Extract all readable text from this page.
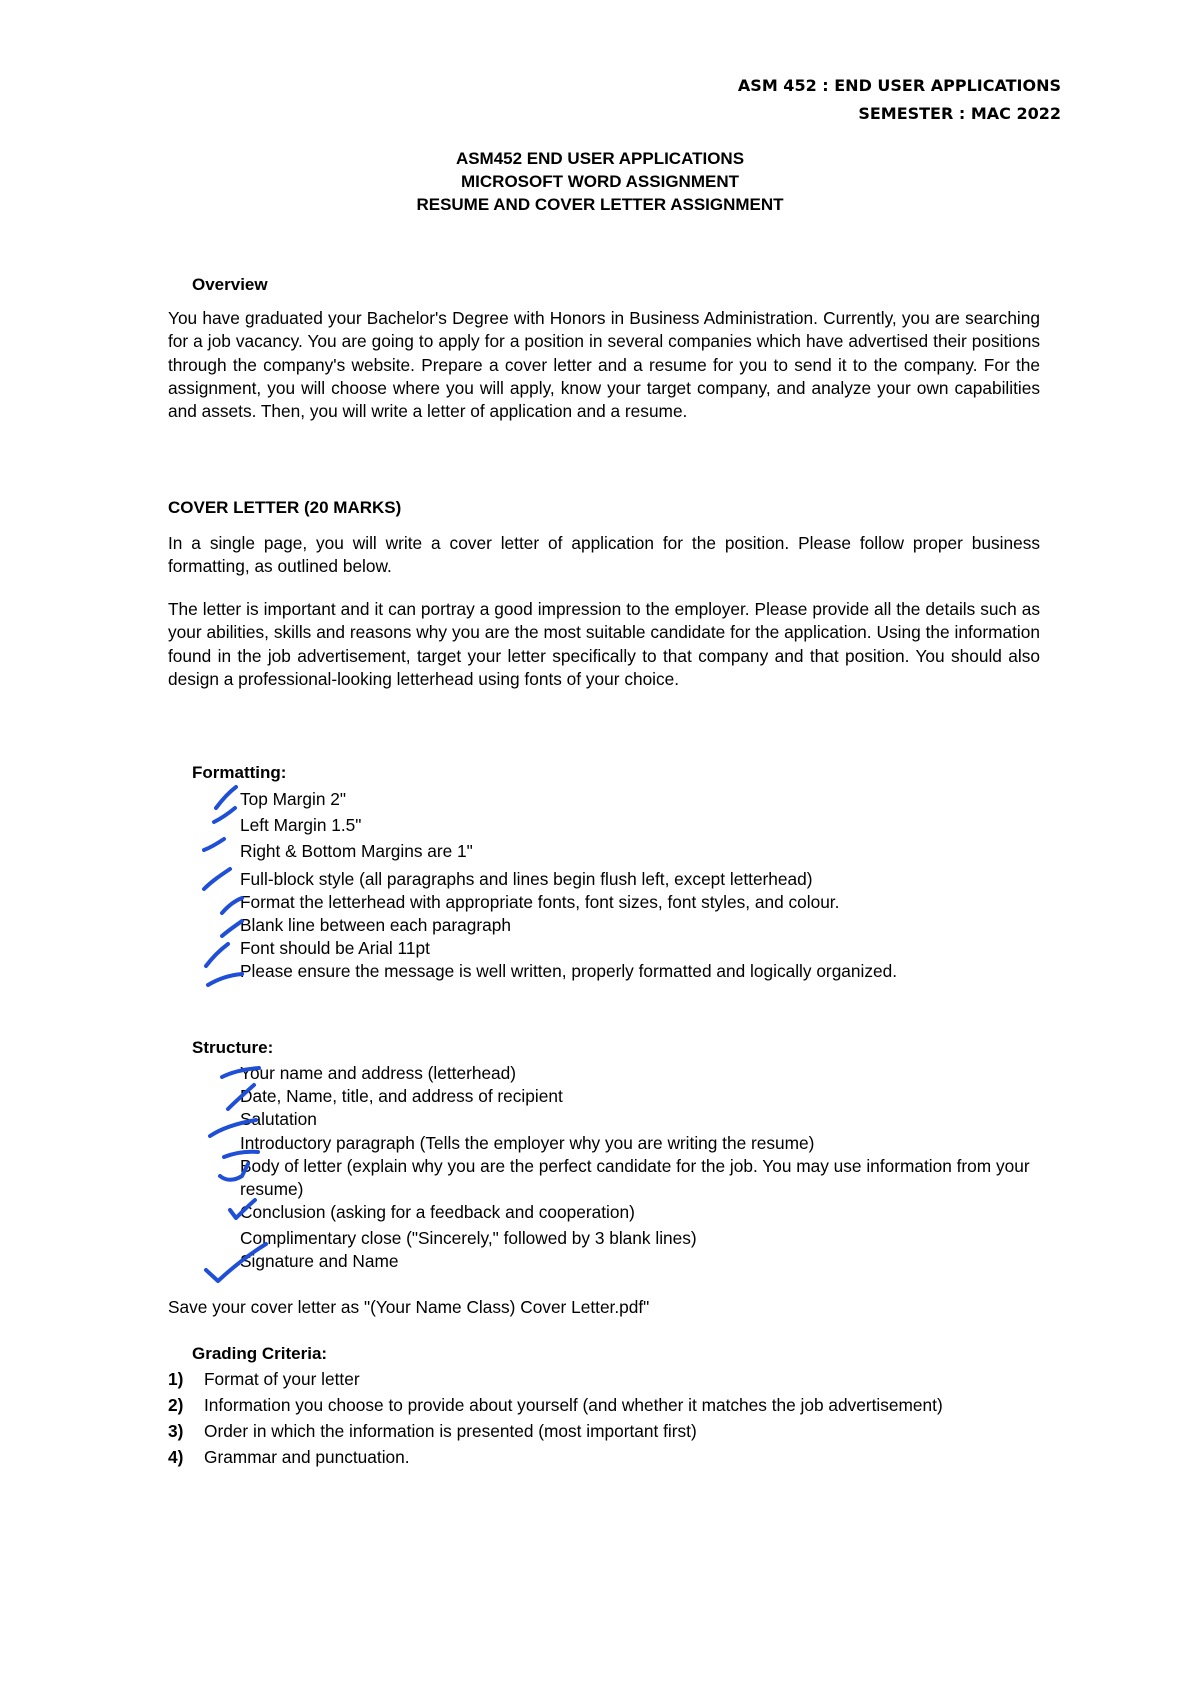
ASM 452 : END USER APPLICATIONS
SEMESTER : MAC 2022
ASM452 END USER APPLICATIONS
MICROSOFT WORD ASSIGNMENT
RESUME AND COVER LETTER ASSIGNMENT
Overview
You have graduated your Bachelor's Degree with Honors in Business Administration. Currently, you are searching for a job vacancy. You are going to apply for a position in several companies which have advertised their positions through the company's website. Prepare a cover letter and a resume for you to send it to the company. For the assignment, you will choose where you will apply, know your target company, and analyze your own capabilities and assets. Then, you will write a letter of application and a resume.
COVER LETTER (20 MARKS)
In a single page, you will write a cover letter of application for the position. Please follow proper business formatting, as outlined below.
The letter is important and it can portray a good impression to the employer. Please provide all the details such as your abilities, skills and reasons why you are the most suitable candidate for the application. Using the information found in the job advertisement, target your letter specifically to that company and that position. You should also design a professional-looking letterhead using fonts of your choice.
Formatting:
Top Margin 2"
Left Margin 1.5"
Right & Bottom Margins are 1"
Full-block style (all paragraphs and lines begin flush left, except letterhead)
Format the letterhead with appropriate fonts, font sizes, font styles, and colour.
Blank line between each paragraph
Font should be Arial 11pt
Please ensure the message is well written, properly formatted and logically organized.
Structure:
Your name and address (letterhead)
Date, Name, title, and address of recipient
Salutation
Introductory paragraph (Tells the employer why you are writing the resume)
Body of letter (explain why you are the perfect candidate for the job. You may use information from your resume)
Conclusion (asking for a feedback and cooperation)
Complimentary close ("Sincerely," followed by 3 blank lines)
Signature and Name
Save your cover letter as "(Your Name Class) Cover Letter.pdf"
Grading Criteria:
1) Format of your letter
2) Information you choose to provide about yourself (and whether it matches the job advertisement)
3) Order in which the information is presented (most important first)
4) Grammar and punctuation.
